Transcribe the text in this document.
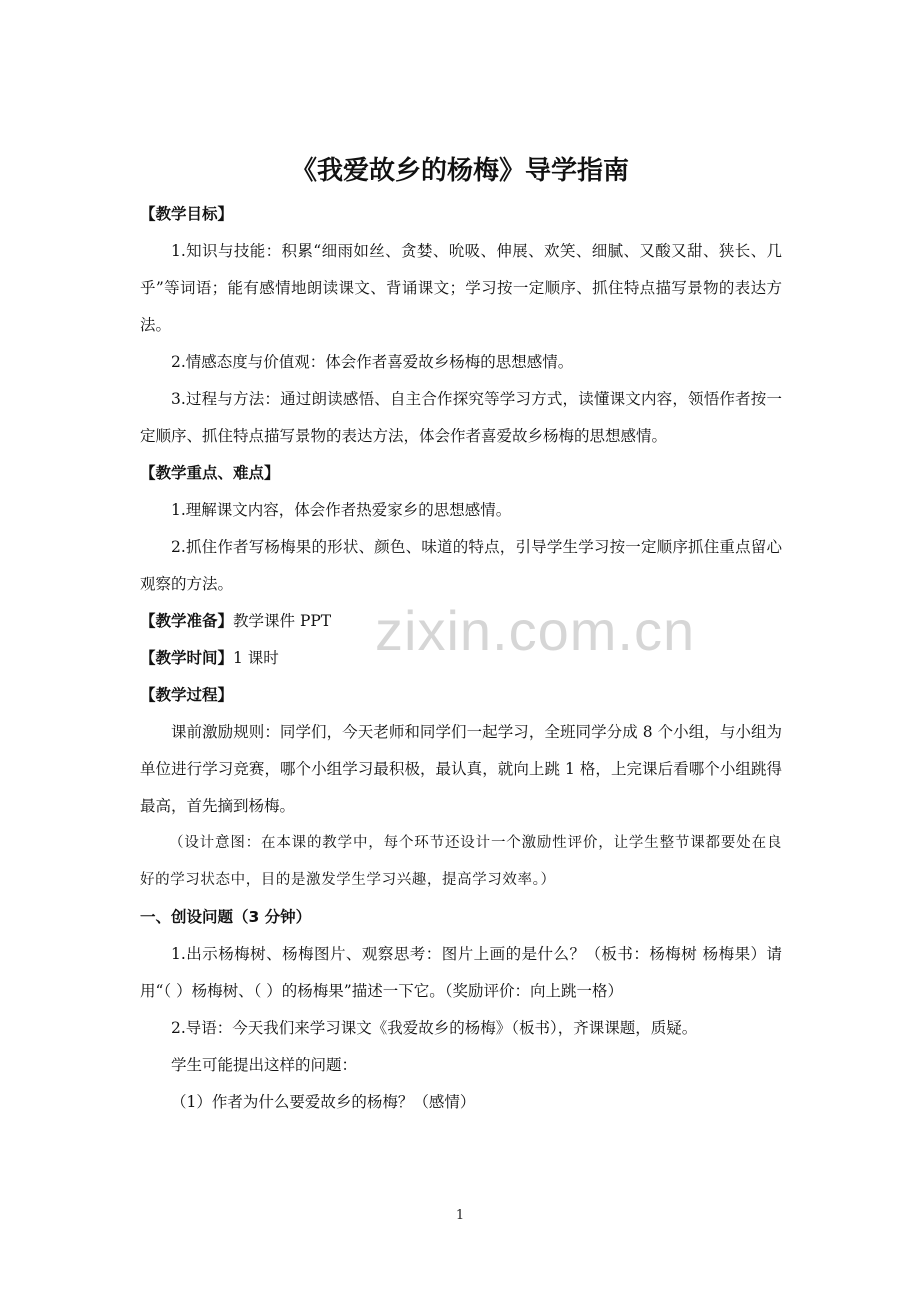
zixin.com.cn
《我爱故乡的杨梅》导学指南
【教学目标】
1.知识与技能：积累“细雨如丝、贪婪、吮吸、伸展、欢笑、细腻、又酸又甜、狭长、几乎”等词语；能有感情地朗读课文、背诵课文；学习按一定顺序、抓住特点描写景物的表达方法。
2.情感态度与价值观：体会作者喜爱故乡杨梅的思想感情。
3.过程与方法：通过朗读感悟、自主合作探究等学习方式，读懂课文内容，领悟作者按一定顺序、抓住特点描写景物的表达方法，体会作者喜爱故乡杨梅的思想感情。
【教学重点、难点】
1.理解课文内容，体会作者热爱家乡的思想感情。
2.抓住作者写杨梅果的形状、颜色、味道的特点，引导学生学习按一定顺序抓住重点留心观察的方法。
【教学准备】教学课件 PPT
【教学时间】1 课时
【教学过程】
课前激励规则：同学们，今天老师和同学们一起学习，全班同学分成 8 个小组，与小组为单位进行学习竞赛，哪个小组学习最积极，最认真，就向上跳 1 格，上完课后看哪个小组跳得最高，首先摘到杨梅。
（设计意图：在本课的教学中，每个环节还设计一个激励性评价，让学生整节课都要处在良好的学习状态中，目的是激发学生学习兴趣，提高学习效率。）
一、创设问题（3 分钟）
1.出示杨梅树、杨梅图片、观察思考：图片上画的是什么？（板书：杨梅树 杨梅果）请用“（ ）杨梅树、（ ）的杨梅果”描述一下它。（奖励评价：向上跳一格）
2.导语：今天我们来学习课文《我爱故乡的杨梅》（板书），齐课课题，质疑。
学生可能提出这样的问题：
（1）作者为什么要爱故乡的杨梅？（感情）
1
